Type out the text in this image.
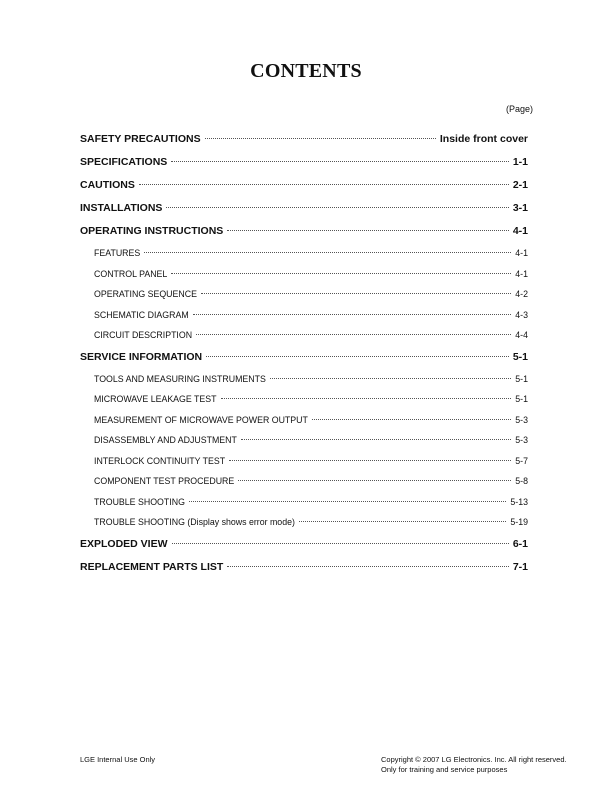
CONTENTS
(Page)
SAFETY PRECAUTIONS	Inside front cover
SPECIFICATIONS	1-1
CAUTIONS	2-1
INSTALLATIONS	3-1
OPERATING INSTRUCTIONS	4-1
FEATURES	4-1
CONTROL PANEL	4-1
OPERATING SEQUENCE	4-2
SCHEMATIC DIAGRAM	4-3
CIRCUIT DESCRIPTION	4-4
SERVICE INFORMATION	5-1
TOOLS AND MEASURING INSTRUMENTS	5-1
MICROWAVE LEAKAGE TEST	5-1
MEASUREMENT OF MICROWAVE POWER OUTPUT	5-3
DISASSEMBLY AND ADJUSTMENT	5-3
INTERLOCK CONTINUITY TEST	5-7
COMPONENT TEST PROCEDURE	5-8
TROUBLE SHOOTING	5-13
TROUBLE SHOOTING (Display shows error mode)	5-19
EXPLODED VIEW	6-1
REPLACEMENT PARTS LIST	7-1
LGE Internal Use Only	Copyright © 2007 LG Electronics. Inc. All right reserved.
Only for training and service purposes
